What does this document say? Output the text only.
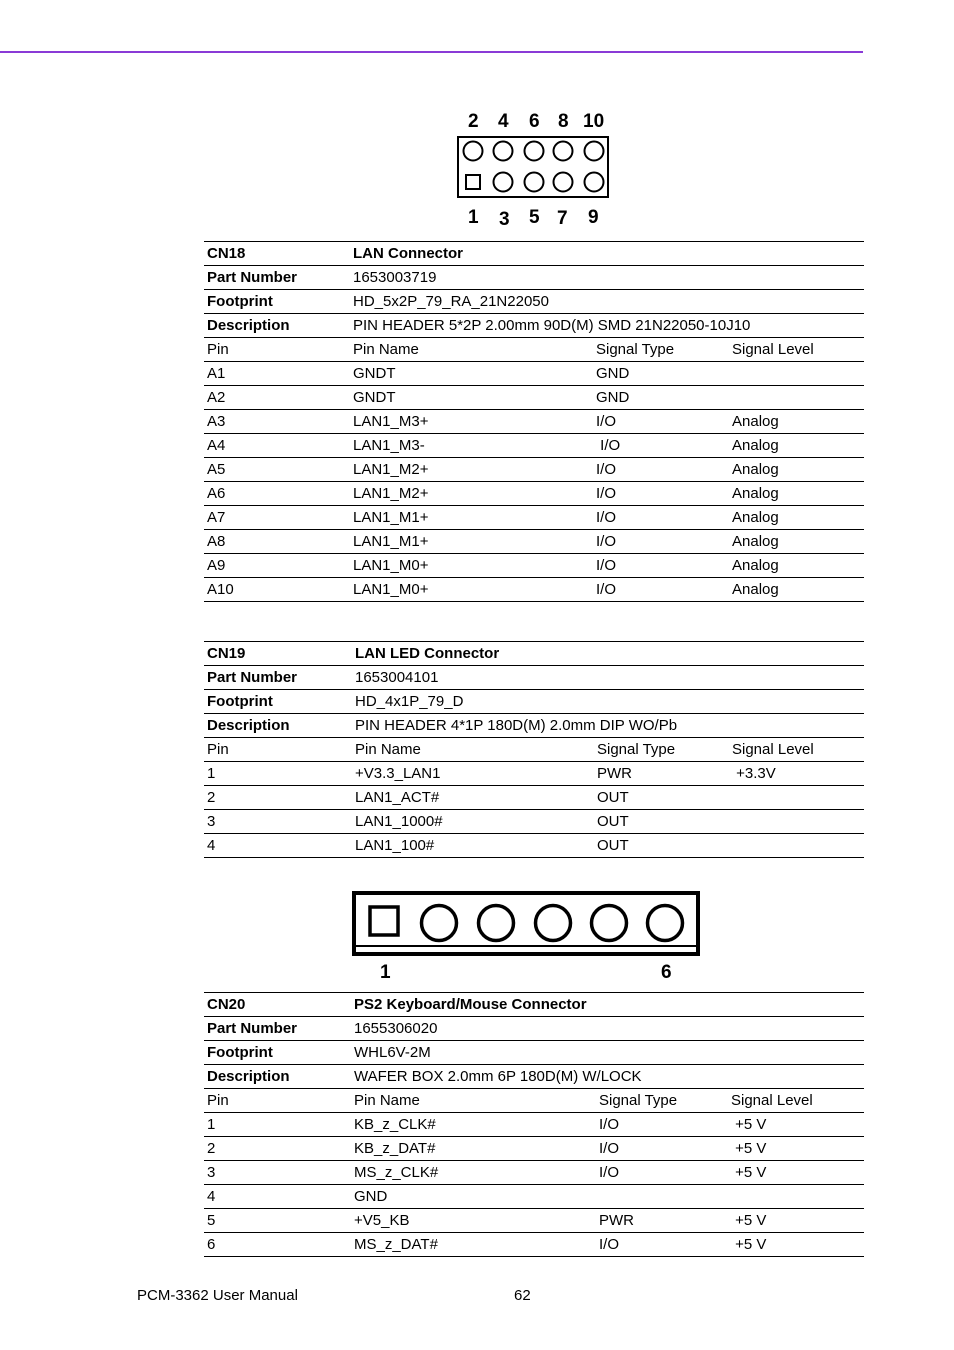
2 4 6 8 10
1 3 5 7 9
CN18	LAN Connector		
Part Number	1653003719		
Footprint	HD_5x2P_79_RA_21N22050		
Description	PIN HEADER 5*2P 2.00mm 90D(M) SMD 21N22050-10J10		
Pin	Pin Name	Signal Type	Signal Level
A1	GNDT	GND	
A2	GNDT	GND	
A3	LAN1_M3+	I/O	Analog
A4	LAN1_M3-	I/O	Analog
A5	LAN1_M2+	I/O	Analog
A6	LAN1_M2+	I/O	Analog
A7	LAN1_M1+	I/O	Analog
A8	LAN1_M1+	I/O	Analog
A9	LAN1_M0+	I/O	Analog
A10	LAN1_M0+	I/O	Analog
CN19	LAN LED Connector		
Part Number	1653004101		
Footprint	HD_4x1P_79_D		
Description	PIN HEADER 4*1P 180D(M) 2.0mm DIP WO/Pb		
Pin	Pin Name	Signal Type	Signal Level
1	+V3.3_LAN1	PWR	+3.3V
2	LAN1_ACT#	OUT	
3	LAN1_1000#	OUT	
4	LAN1_100#	OUT	
1	6
CN20	PS2 Keyboard/Mouse Connector		
Part Number	1655306020		
Footprint	WHL6V-2M		
Description	WAFER BOX 2.0mm 6P 180D(M) W/LOCK		
Pin	Pin Name	Signal Type	Signal Level
1	KB_z_CLK#	I/O	+5 V
2	KB_z_DAT#	I/O	+5 V
3	MS_z_CLK#	I/O	+5 V
4	GND		
5	+V5_KB	PWR	+5 V
6	MS_z_DAT#	I/O	+5 V
PCM-3362 User Manual	62
